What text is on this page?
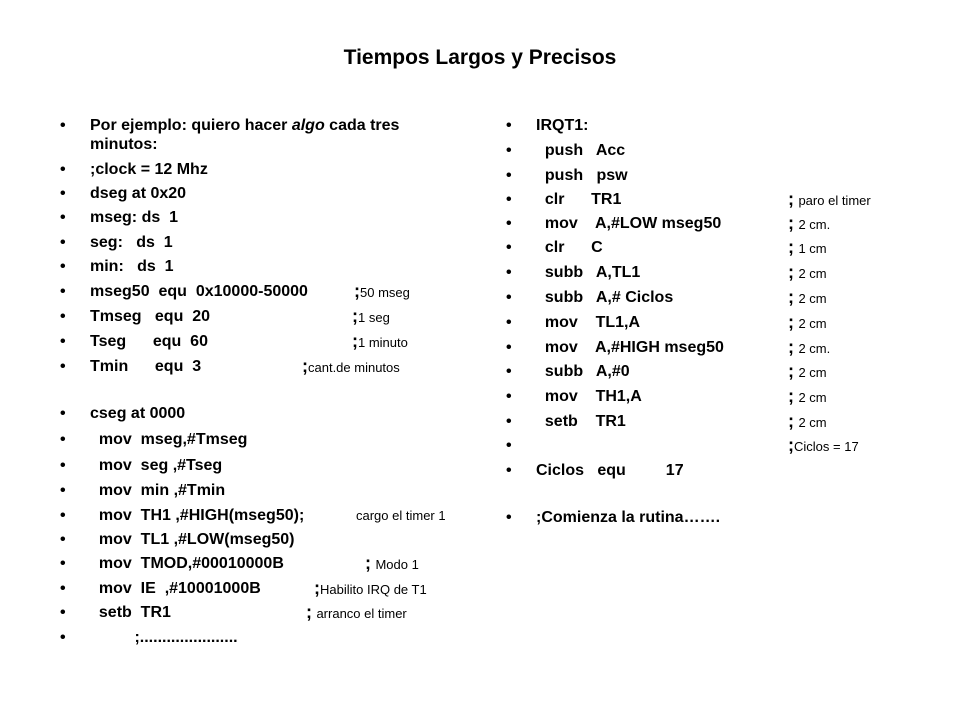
Tiempos Largos y Precisos
• Por ejemplo: quiero hacer algo cada tres
minutos:
• ;clock = 12 Mhz
• dseg at 0x20
• mseg: ds  1
• seg:   ds  1
• min:   ds  1
• mseg50  equ  0x10000-50000	;50 mseg
• Tmseg   equ  20	;1 seg
• Tseg      equ  60	;1 minuto
• Tmin      equ  3	;cant.de minutos
• cseg at 0000
• mov  mseg,#Tmseg
• mov  seg ,#Tseg
• mov  min ,#Tmin
• mov  TH1 ,#HIGH(mseg50);	cargo el timer 1
• mov  TL1 ,#LOW(mseg50)
• mov  TMOD,#00010000B	; Modo 1
• mov  IE  ,#10001000B	;Habilito IRQ de T1
• setb  TR1	; arranco el timer
• ;......................
• IRQT1:
• push   Acc
• push   psw
• clr      TR1	; paro el timer
• mov    A,#LOW mseg50	; 2 cm.
• clr      C	; 1 cm
• subb   A,TL1	; 2 cm
• subb   A,# Ciclos	; 2 cm
• mov    TL1,A	; 2 cm
• mov    A,#HIGH mseg50	; 2 cm.
• subb   A,#0	; 2 cm
• mov    TH1,A	; 2 cm
• setb    TR1	; 2 cm
•	;Ciclos = 17
• Ciclos   equ         17
• ;Comienza la rutina…….
